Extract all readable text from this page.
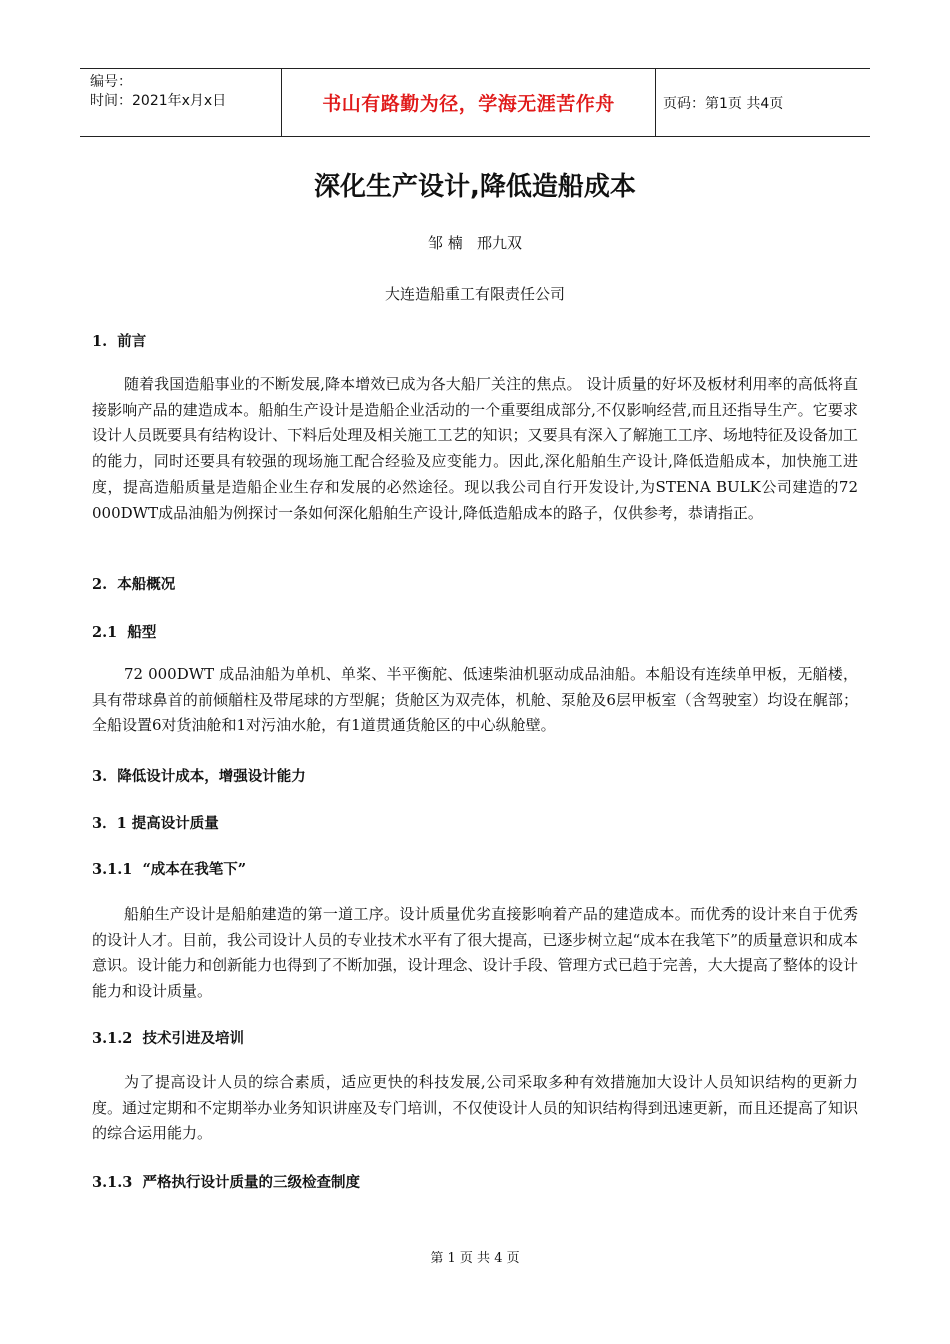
编号：
时间：2021年x月x日	书山有路勤为径，学海无涯苦作舟	页码：第1页 共4页
深化生产设计,降低造船成本
邹 楠   邢九双
大连造船重工有限责任公司
1.  前言

随着我国造船事业的不断发展,降本增效已成为各大船厂关注的焦点。 设计质量的好坏及板材利用率的高低将直接影响产品的建造成本。船舶生产设计是造船企业活动的一个重要组成部分,不仅影响经营,而且还指导生产。它要求设计人员既要具有结构设计、下料后处理及相关施工工艺的知识；又要具有深入了解施工工序、场地特征及设备加工的能力，同时还要具有较强的现场施工配合经验及应变能力。因此,深化船舶生产设计,降低造船成本，加快施工进度，提高造船质量是造船企业生存和发展的必然途径。现以我公司自行开发设计,为STENA BULK公司建造的72 000DWT成品油船为例探讨一条如何深化船舶生产设计,降低造船成本的路子，仅供参考，恭请指正。

2.  本船概况
2.1  船型

72 000DWT 成品油船为单机、单桨、半平衡舵、低速柴油机驱动成品油船。本船设有连续单甲板，无艏楼，具有带球鼻首的前倾艏柱及带尾球的方型艉；货舱区为双壳体，机舱、泵舱及6层甲板室（含驾驶室）均设在艉部；全船设置6对货油舱和1对污油水舱，有1道贯通货舱区的中心纵舱壁。

3.  降低设计成本，增强设计能力
3．1 提高设计质量
3.1.1  “成本在我笔下”

船舶生产设计是船舶建造的第一道工序。设计质量优劣直接影响着产品的建造成本。而优秀的设计来自于优秀的设计人才。目前，我公司设计人员的专业技术水平有了很大提高，已逐步树立起“成本在我笔下”的质量意识和成本意识。设计能力和创新能力也得到了不断加强，设计理念、设计手段、管理方式已趋于完善，大大提高了整体的设计能力和设计质量。

3.1.2  技术引进及培训

为了提高设计人员的综合素质，适应更快的科技发展,公司采取多种有效措施加大设计人员知识结构的更新力度。通过定期和不定期举办业务知识讲座及专门培训，不仅使设计人员的知识结构得到迅速更新，而且还提高了知识的综合运用能力。

3.1.3  严格执行设计质量的三级检查制度
第 1 页 共 4 页
